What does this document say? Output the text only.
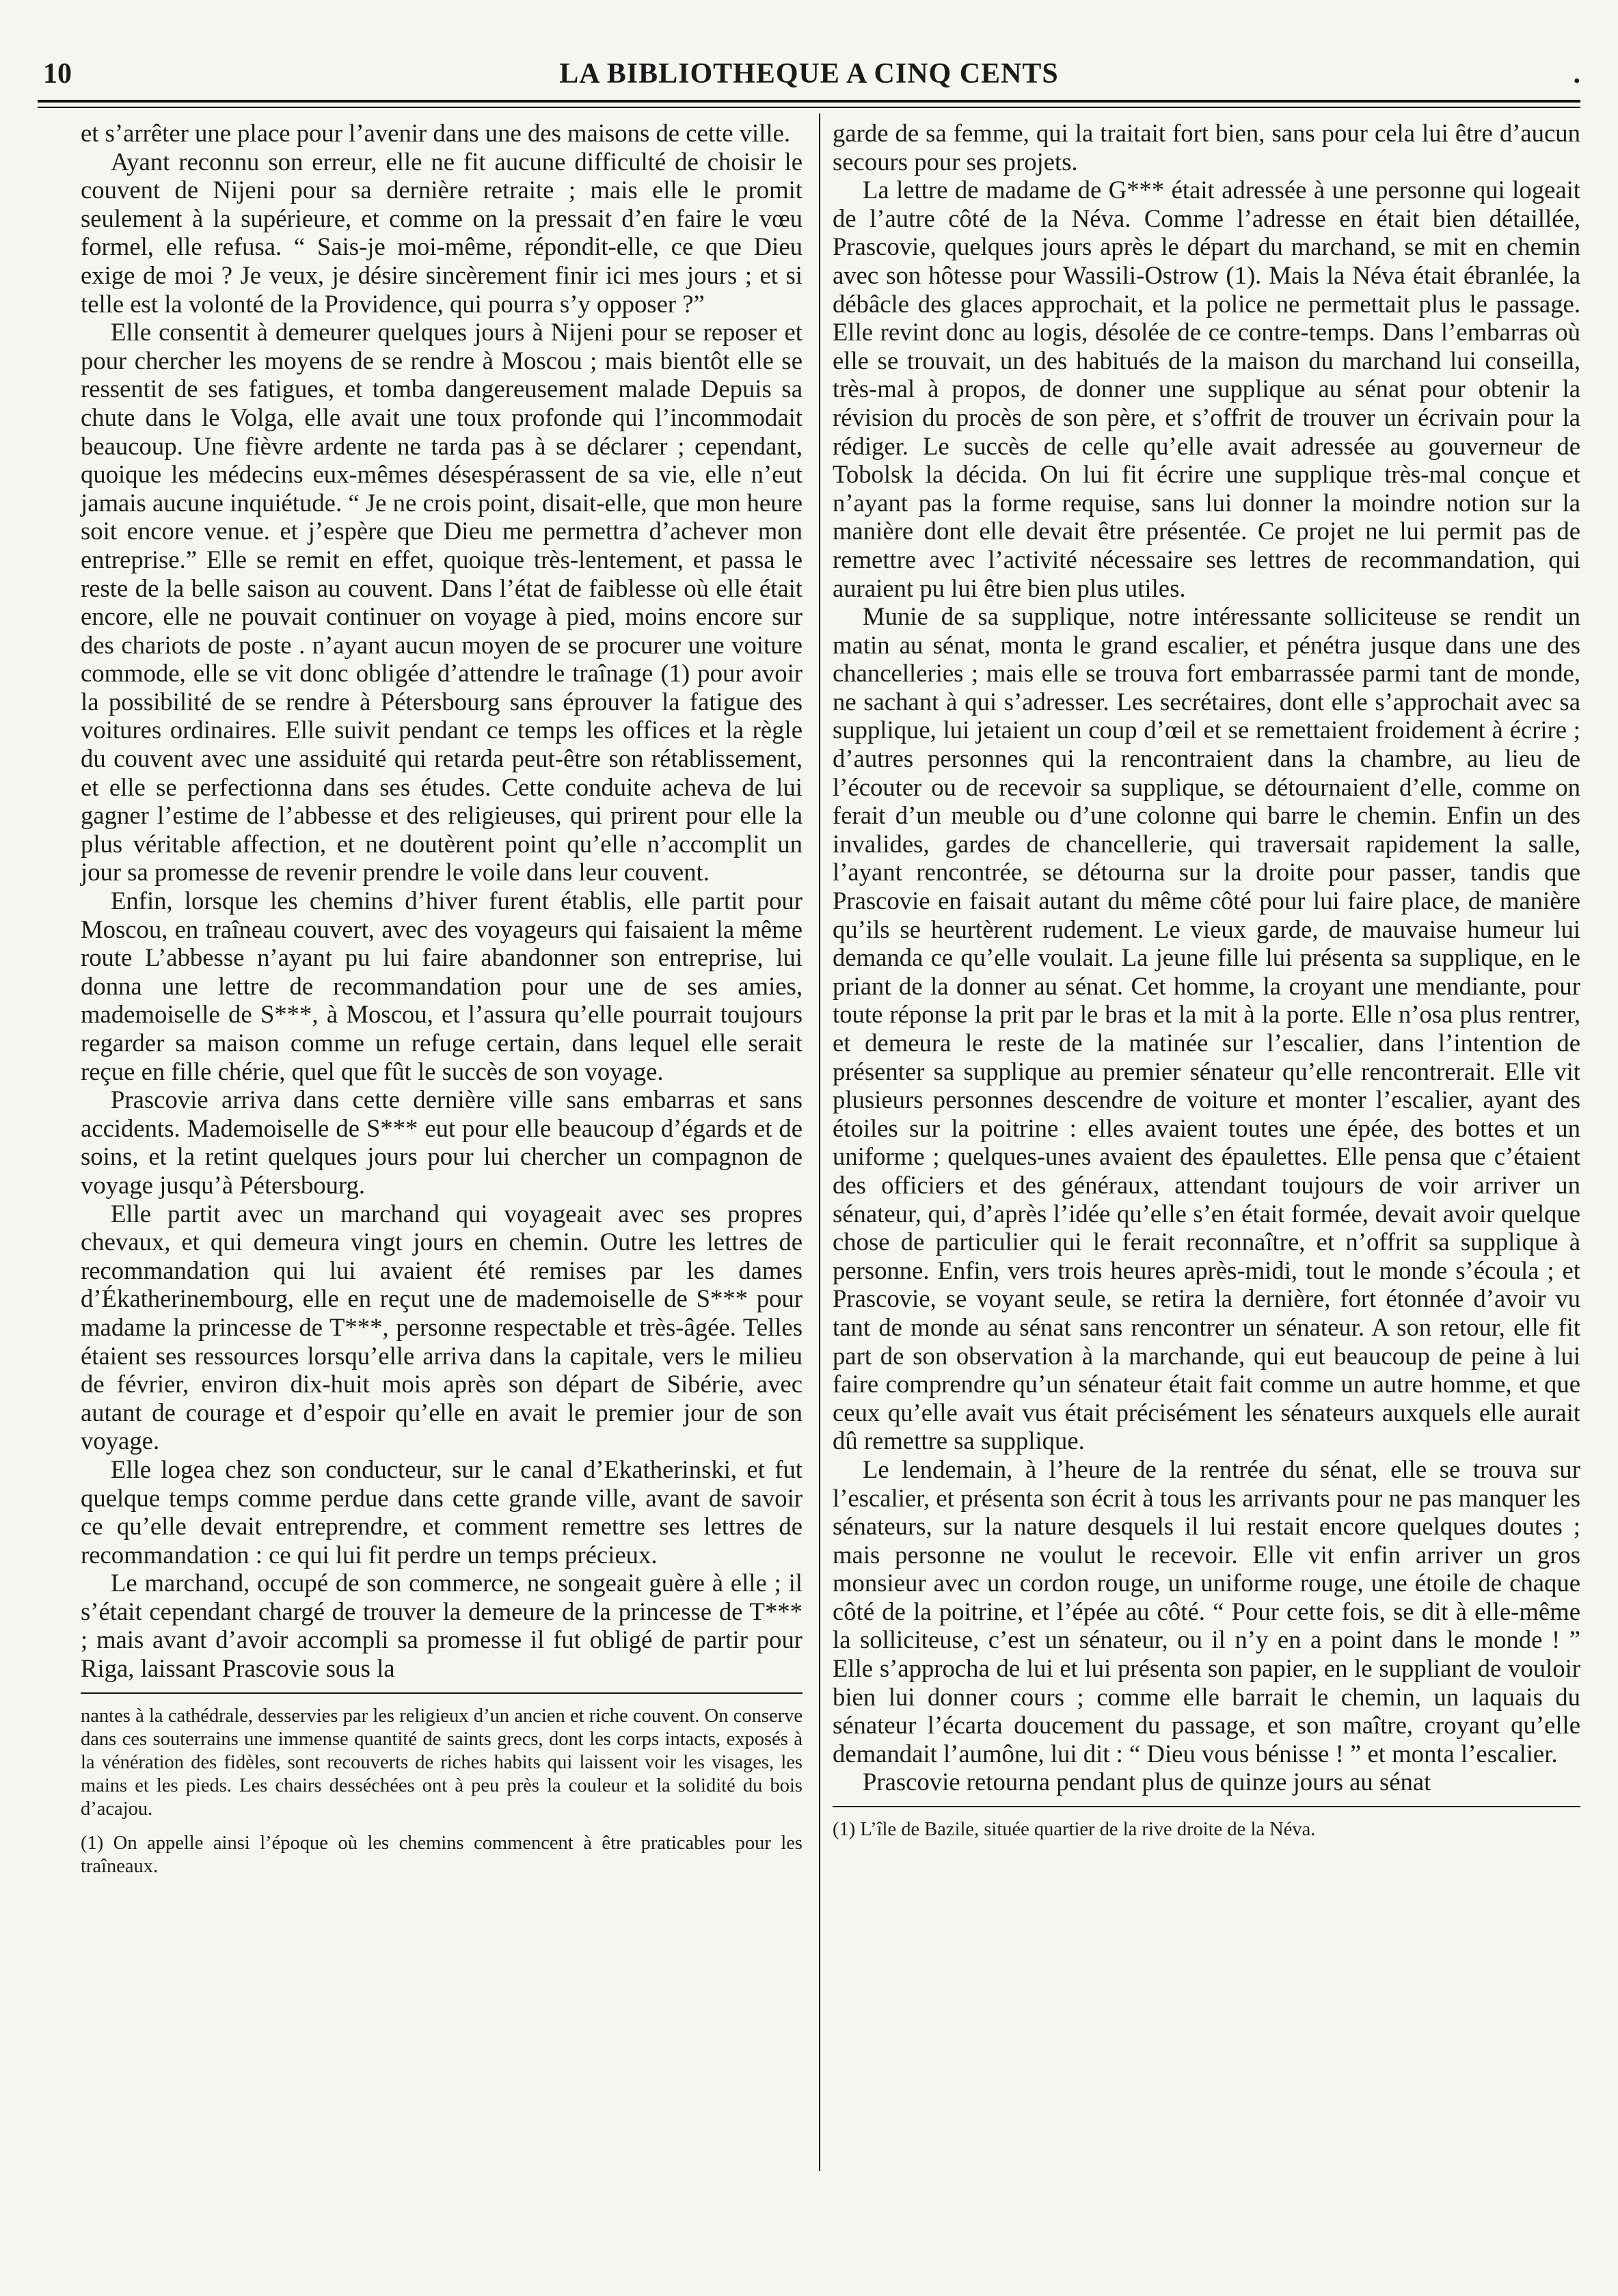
10	LA BIBLIOTHEQUE A CINQ CENTS	.

et s’arrêter une place pour l’avenir dans une des maisons de cette ville.

Ayant reconnu son erreur, elle ne fit aucune difficulté de choisir le couvent de Nijeni pour sa dernière retraite ; mais elle le promit seulement à la supérieure, et comme on la pressait d’en faire le vœu formel, elle refusa. “ Sais-je moi-même, répondit-elle, ce que Dieu exige de moi ? Je veux, je désire sincèrement finir ici mes jours ; et si telle est la volonté de la Providence, qui pourra s’y opposer ?”

Elle consentit à demeurer quelques jours à Nijeni pour se reposer et pour chercher les moyens de se rendre à Moscou ; mais bientôt elle se ressentit de ses fatigues, et tomba dangereusement malade Depuis sa chute dans le Volga, elle avait une toux profonde qui l’incommodait beaucoup. Une fièvre ardente ne tarda pas à se déclarer ; cependant, quoique les médecins eux-mêmes désespérassent de sa vie, elle n’eut jamais aucune inquiétude. “ Je ne crois point, disait-elle, que mon heure soit encore venue. et j’espère que Dieu me permettra d’achever mon entreprise.” Elle se remit en effet, quoique très-lentement, et passa le reste de la belle saison au couvent. Dans l’état de faiblesse où elle était encore, elle ne pouvait continuer on voyage à pied, moins encore sur des chariots de poste . n’ayant aucun moyen de se procurer une voiture commode, elle se vit donc obligée d’attendre le traînage (1) pour avoir la possibilité de se rendre à Pétersbourg sans éprouver la fatigue des voitures ordinaires. Elle suivit pendant ce temps les offices et la règle du couvent avec une assiduité qui retarda peut-être son rétablissement, et elle se perfectionna dans ses études. Cette conduite acheva de lui gagner l’estime de l’abbesse et des religieuses, qui prirent pour elle la plus véritable affection, et ne doutèrent point qu’elle n’accomplit un jour sa promesse de revenir prendre le voile dans leur couvent.

Enfin, lorsque les chemins d’hiver furent établis, elle partit pour Moscou, en traîneau couvert, avec des voyageurs qui faisaient la même route L’abbesse n’ayant pu lui faire abandonner son entreprise, lui donna une lettre de recommandation pour une de ses amies, mademoiselle de S***, à Moscou, et l’assura qu’elle pourrait toujours regarder sa maison comme un refuge certain, dans lequel elle serait reçue en fille chérie, quel que fût le succès de son voyage.

Prascovie arriva dans cette dernière ville sans embarras et sans accidents. Mademoiselle de S*** eut pour elle beaucoup d’égards et de soins, et la retint quelques jours pour lui chercher un compagnon de voyage jusqu’à Pétersbourg.

Elle partit avec un marchand qui voyageait avec ses propres chevaux, et qui demeura vingt jours en chemin. Outre les lettres de recommandation qui lui avaient été remises par les dames d’Ékatherinembourg, elle en reçut une de mademoiselle de S*** pour madame la princesse de T***, personne respectable et très-âgée. Telles étaient ses ressources lorsqu’elle arriva dans la capitale, vers le milieu de février, environ dix-huit mois après son départ de Sibérie, avec autant de courage et d’espoir qu’elle en avait le premier jour de son voyage.

Elle logea chez son conducteur, sur le canal d’Ekatherinski, et fut quelque temps comme perdue dans cette grande ville, avant de savoir ce qu’elle devait entreprendre, et comment remettre ses lettres de recommandation : ce qui lui fit perdre un temps précieux.

Le marchand, occupé de son commerce, ne songeait guère à elle ; il s’était cependant chargé de trouver la demeure de la princesse de T*** ; mais avant d’avoir accompli sa promesse il fut obligé de partir pour Riga, laissant Prascovie sous la

nantes à la cathédrale, desservies par les religieux d’un ancien et riche couvent. On conserve dans ces souterrains une immense quantité de saints grecs, dont les corps intacts, exposés à la vénération des fidèles, sont recouverts de riches habits qui laissent voir les visages, les mains et les pieds. Les chairs desséchées ont à peu près la couleur et la solidité du bois d’acajou.

(1) On appelle ainsi l’époque où les chemins commencent à être praticables pour les traîneaux.

garde de sa femme, qui la traitait fort bien, sans pour cela lui être d’aucun secours pour ses projets.

La lettre de madame de G*** était adressée à une personne qui logeait de l’autre côté de la Néva. Comme l’adresse en était bien détaillée, Prascovie, quelques jours après le départ du marchand, se mit en chemin avec son hôtesse pour Wassili-Ostrow (1). Mais la Néva était ébranlée, la débâcle des glaces approchait, et la police ne permettait plus le passage. Elle revint donc au logis, désolée de ce contre-temps. Dans l’embarras où elle se trouvait, un des habitués de la maison du marchand lui conseilla, très-mal à propos, de donner une supplique au sénat pour obtenir la révision du procès de son père, et s’offrit de trouver un écrivain pour la rédiger. Le succès de celle qu’elle avait adressée au gouverneur de Tobolsk la décida. On lui fit écrire une supplique très-mal conçue et n’ayant pas la forme requise, sans lui donner la moindre notion sur la manière dont elle devait être présentée. Ce projet ne lui permit pas de remettre avec l’activité nécessaire ses lettres de recommandation, qui auraient pu lui être bien plus utiles.

Munie de sa supplique, notre intéressante solliciteuse se rendit un matin au sénat, monta le grand escalier, et pénétra jusque dans une des chancelleries ; mais elle se trouva fort embarrassée parmi tant de monde, ne sachant à qui s’adresser. Les secrétaires, dont elle s’approchait avec sa supplique, lui jetaient un coup d’œil et se remettaient froidement à écrire ; d’autres personnes qui la rencontraient dans la chambre, au lieu de l’écouter ou de recevoir sa supplique, se détournaient d’elle, comme on ferait d’un meuble ou d’une colonne qui barre le chemin. Enfin un des invalides, gardes de chancellerie, qui traversait rapidement la salle, l’ayant rencontrée, se détourna sur la droite pour passer, tandis que Prascovie en faisait autant du même côté pour lui faire place, de manière qu’ils se heurtèrent rudement. Le vieux garde, de mauvaise humeur lui demanda ce qu’elle voulait. La jeune fille lui présenta sa supplique, en le priant de la donner au sénat. Cet homme, la croyant une mendiante, pour toute réponse la prit par le bras et la mit à la porte. Elle n’osa plus rentrer, et demeura le reste de la matinée sur l’escalier, dans l’intention de présenter sa supplique au premier sénateur qu’elle rencontrerait. Elle vit plusieurs personnes descendre de voiture et monter l’escalier, ayant des étoiles sur la poitrine : elles avaient toutes une épée, des bottes et un uniforme ; quelques-unes avaient des épaulettes. Elle pensa que c’étaient des officiers et des généraux, attendant toujours de voir arriver un sénateur, qui, d’après l’idée qu’elle s’en était formée, devait avoir quelque chose de particulier qui le ferait reconnaître, et n’offrit sa supplique à personne. Enfin, vers trois heures après-midi, tout le monde s’écoula ; et Prascovie, se voyant seule, se retira la dernière, fort étonnée d’avoir vu tant de monde au sénat sans rencontrer un sénateur. A son retour, elle fit part de son observation à la marchande, qui eut beaucoup de peine à lui faire comprendre qu’un sénateur était fait comme un autre homme, et que ceux qu’elle avait vus était précisément les sénateurs auxquels elle aurait dû remettre sa supplique.

Le lendemain, à l’heure de la rentrée du sénat, elle se trouva sur l’escalier, et présenta son écrit à tous les arrivants pour ne pas manquer les sénateurs, sur la nature desquels il lui restait encore quelques doutes ; mais personne ne voulut le recevoir. Elle vit enfin arriver un gros monsieur avec un cordon rouge, un uniforme rouge, une étoile de chaque côté de la poitrine, et l’épée au côté. “ Pour cette fois, se dit à elle-même la solliciteuse, c’est un sénateur, ou il n’y en a point dans le monde ! ” Elle s’approcha de lui et lui présenta son papier, en le suppliant de vouloir bien lui donner cours ; comme elle barrait le chemin, un laquais du sénateur l’écarta doucement du passage, et son maître, croyant qu’elle demandait l’aumône, lui dit : “ Dieu vous bénisse ! ” et monta l’escalier.

Prascovie retourna pendant plus de quinze jours au sénat

(1) L’île de Bazile, située quartier de la rive droite de la Néva.
